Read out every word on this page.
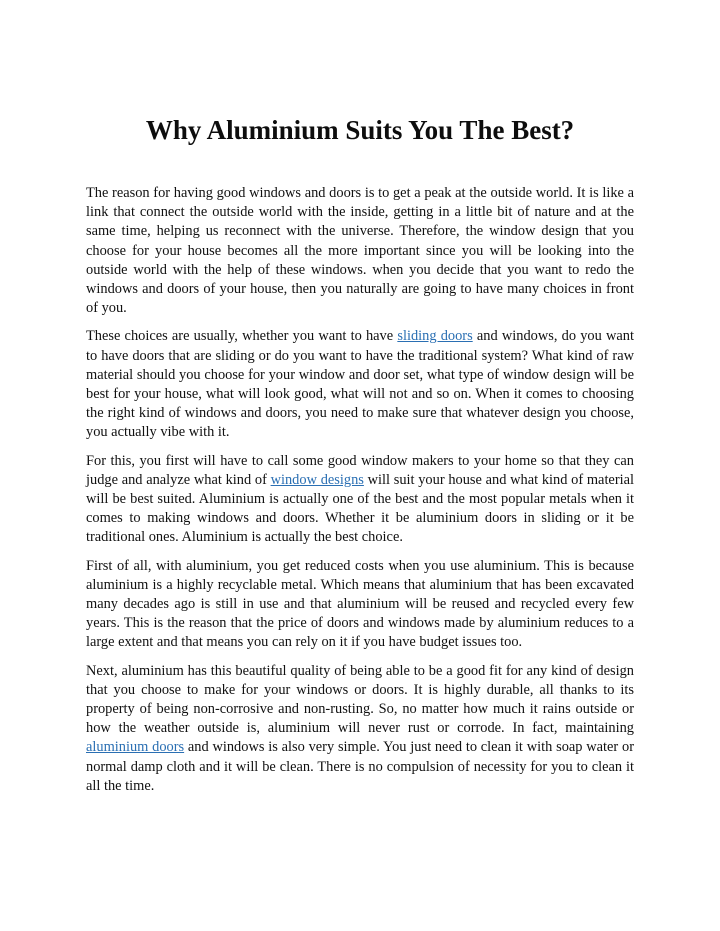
Why Aluminium Suits You The Best?

The reason for having good windows and doors is to get a peak at the outside world. It is like a link that connect the outside world with the inside, getting in a little bit of nature and at the same time, helping us reconnect with the universe. Therefore, the window design that you choose for your house becomes all the more important since you will be looking into the outside world with the help of these windows. when you decide that you want to redo the windows and doors of your house, then you naturally are going to have many choices in front of you.

These choices are usually, whether you want to have sliding doors and windows, do you want to have doors that are sliding or do you want to have the traditional system? What kind of raw material should you choose for your window and door set, what type of window design will be best for your house, what will look good, what will not and so on. When it comes to choosing the right kind of windows and doors, you need to make sure that whatever design you choose, you actually vibe with it.

For this, you first will have to call some good window makers to your home so that they can judge and analyze what kind of window designs will suit your house and what kind of material will be best suited. Aluminium is actually one of the best and the most popular metals when it comes to making windows and doors. Whether it be aluminium doors in sliding or it be traditional ones. Aluminium is actually the best choice.

First of all, with aluminium, you get reduced costs when you use aluminium. This is because aluminium is a highly recyclable metal. Which means that aluminium that has been excavated many decades ago is still in use and that aluminium will be reused and recycled every few years. This is the reason that the price of doors and windows made by aluminium reduces to a large extent and that means you can rely on it if you have budget issues too.

Next, aluminium has this beautiful quality of being able to be a good fit for any kind of design that you choose to make for your windows or doors. It is highly durable, all thanks to its property of being non-corrosive and non-rusting. So, no matter how much it rains outside or how the weather outside is, aluminium will never rust or corrode. In fact, maintaining aluminium doors and windows is also very simple. You just need to clean it with soap water or normal damp cloth and it will be clean. There is no compulsion of necessity for you to clean it all the time.
